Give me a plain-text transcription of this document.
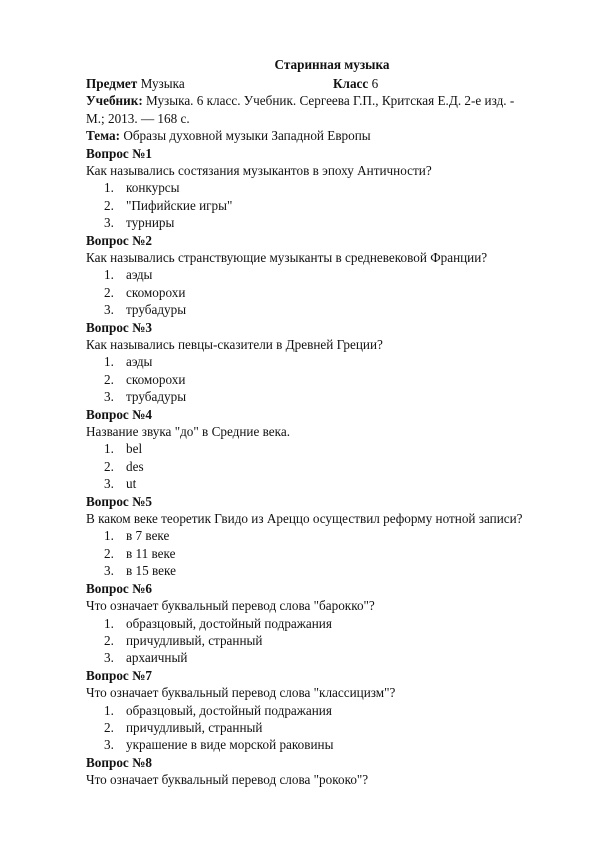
Старинная музыка
Предмет Музыка	Класс 6
Учебник: Музыка. 6 класс. Учебник. Сергеева Г.П., Критская Е.Д. 2-е изд. -
М.; 2013. — 168 с.
Тема: Образы духовной музыки Западной Европы
Вопрос №1
Как назывались состязания музыкантов в эпоху Античности?
1. конкурсы
2. "Пифийские игры"
3. турниры
Вопрос №2
Как назывались странствующие музыканты в средневековой Франции?
1. аэды
2. скоморохи
3. трубадуры
Вопрос №3
Как назывались певцы-сказители в Древней Греции?
1. аэды
2. скоморохи
3. трубадуры
Вопрос №4
Название звука "до" в Средние века.
1. bel
2. des
3. ut
Вопрос №5
В каком веке теоретик Гвидо из Ареццо осуществил реформу нотной записи?
1. в 7 веке
2. в 11 веке
3. в 15 веке
Вопрос №6
Что означает буквальный перевод слова "барокко"?
1. образцовый, достойный подражания
2. причудливый, странный
3. архаичный
Вопрос №7
Что означает буквальный перевод слова "классицизм"?
1. образцовый, достойный подражания
2. причудливый, странный
3. украшение в виде морской раковины
Вопрос №8
Что означает буквальный перевод слова "рококо"?
